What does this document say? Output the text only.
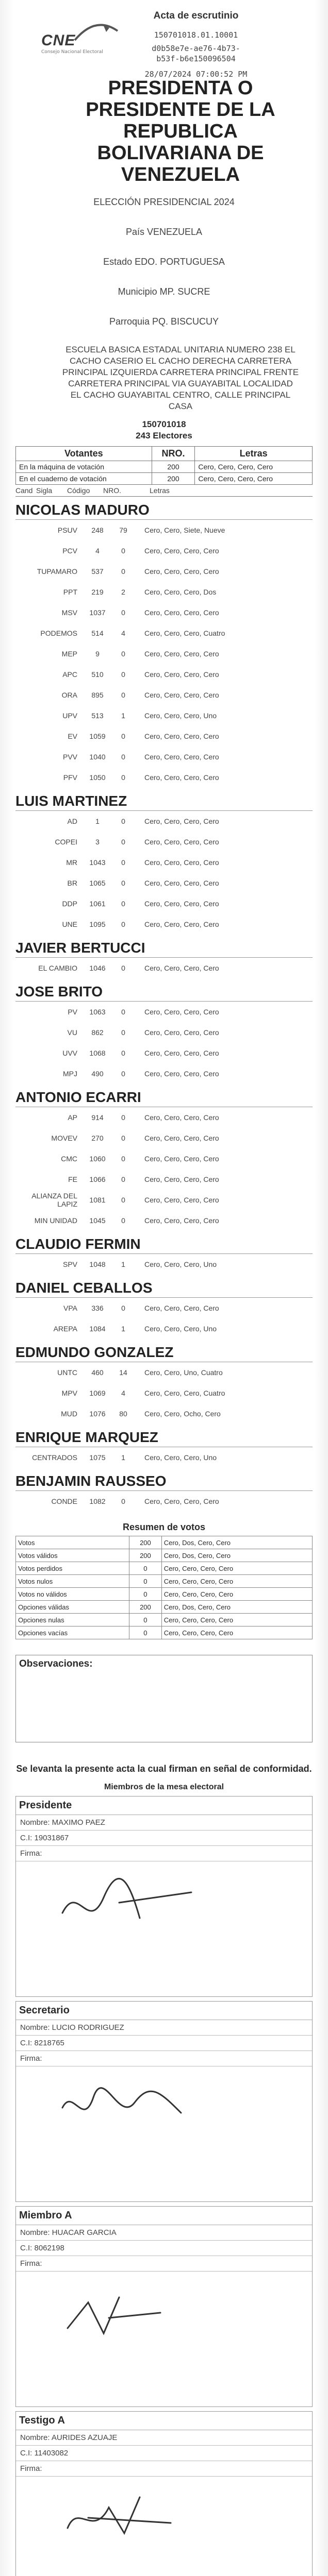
CNE
Consejo Nacional Electoral
Acta de escrutinio
150701018.01.10001
d0b58e7e-ae76-4b73-b53f-b6e150096504
28/07/2024 07:00:52 PM
PRESIDENTA O PRESIDENTE DE LA REPUBLICA BOLIVARIANA DE VENEZUELA
ELECCIÓN PRESIDENCIAL 2024
País VENEZUELA
Estado EDO. PORTUGUESA
Municipio MP. SUCRE
Parroquia PQ. BISCUCUY
ESCUELA BASICA ESTADAL UNITARIA NUMERO 238 EL CACHO CASERIO EL CACHO DERECHA CARRETERA PRINCIPAL IZQUIERDA CARRETERA PRINCIPAL FRENTE CARRETERA PRINCIPAL VIA GUAYABITAL LOCALIDAD EL CACHO GUAYABITAL CENTRO, CALLE PRINCIPAL CASA
150701018
243 Electores
Votantes	NRO.	Letras
En la máquina de votación	200	Cero, Cero, Cero, Cero
En el cuaderno de votación	200	Cero, Cero, Cero, Cero
Cand Sigla	Código	NRO.	Letras
NICOLAS MADURO
PSUV	248	79	Cero, Cero, Siete, Nueve
PCV	4	0	Cero, Cero, Cero, Cero
TUPAMARO	537	0	Cero, Cero, Cero, Cero
PPT	219	2	Cero, Cero, Cero, Dos
MSV	1037	0	Cero, Cero, Cero, Cero
PODEMOS	514	4	Cero, Cero, Cero, Cuatro
MEP	9	0	Cero, Cero, Cero, Cero
APC	510	0	Cero, Cero, Cero, Cero
ORA	895	0	Cero, Cero, Cero, Cero
UPV	513	1	Cero, Cero, Cero, Uno
EV	1059	0	Cero, Cero, Cero, Cero
PVV	1040	0	Cero, Cero, Cero, Cero
PFV	1050	0	Cero, Cero, Cero, Cero
LUIS MARTINEZ
AD	1	0	Cero, Cero, Cero, Cero
COPEI	3	0	Cero, Cero, Cero, Cero
MR	1043	0	Cero, Cero, Cero, Cero
BR	1065	0	Cero, Cero, Cero, Cero
DDP	1061	0	Cero, Cero, Cero, Cero
UNE	1095	0	Cero, Cero, Cero, Cero
JAVIER BERTUCCI
EL CAMBIO	1046	0	Cero, Cero, Cero, Cero
JOSE BRITO
PV	1063	0	Cero, Cero, Cero, Cero
VU	862	0	Cero, Cero, Cero, Cero
UVV	1068	0	Cero, Cero, Cero, Cero
MPJ	490	0	Cero, Cero, Cero, Cero
ANTONIO ECARRI
AP	914	0	Cero, Cero, Cero, Cero
MOVEV	270	0	Cero, Cero, Cero, Cero
CMC	1060	0	Cero, Cero, Cero, Cero
FE	1066	0	Cero, Cero, Cero, Cero
ALIANZA DEL LAPIZ	1081	0	Cero, Cero, Cero, Cero
MIN UNIDAD	1045	0	Cero, Cero, Cero, Cero
CLAUDIO FERMIN
SPV	1048	1	Cero, Cero, Cero, Uno
DANIEL CEBALLOS
VPA	336	0	Cero, Cero, Cero, Cero
AREPA	1084	1	Cero, Cero, Cero, Uno
EDMUNDO GONZALEZ
UNTC	460	14	Cero, Cero, Uno, Cuatro
MPV	1069	4	Cero, Cero, Cero, Cuatro
MUD	1076	80	Cero, Cero, Ocho, Cero
ENRIQUE MARQUEZ
CENTRADOS	1075	1	Cero, Cero, Cero, Uno
BENJAMIN RAUSSEO
CONDE	1082	0	Cero, Cero, Cero, Cero
Resumen de votos
Votos	200	Cero, Dos, Cero, Cero
Votos válidos	200	Cero, Dos, Cero, Cero
Votos perdidos	0	Cero, Cero, Cero, Cero
Votos nulos	0	Cero, Cero, Cero, Cero
Votos no válidos	0	Cero, Cero, Cero, Cero
Opciones válidas	200	Cero, Dos, Cero, Cero
Opciones nulas	0	Cero, Cero, Cero, Cero
Opciones vacías	0	Cero, Cero, Cero, Cero
Observaciones:
Se levanta la presente acta la cual firman en señal de conformidad.
Miembros de la mesa electoral
Presidente
Nombre: MAXIMO PAEZ
C.I: 19031867
Firma:
Secretario
Nombre: LUCIO RODRIGUEZ
C.I: 8218765
Firma:
Miembro A
Nombre: HUACAR GARCIA
C.I: 8062198
Firma:
Testigo A
Nombre: AURIDES AZUAJE
C.I: 11403082
Firma:
